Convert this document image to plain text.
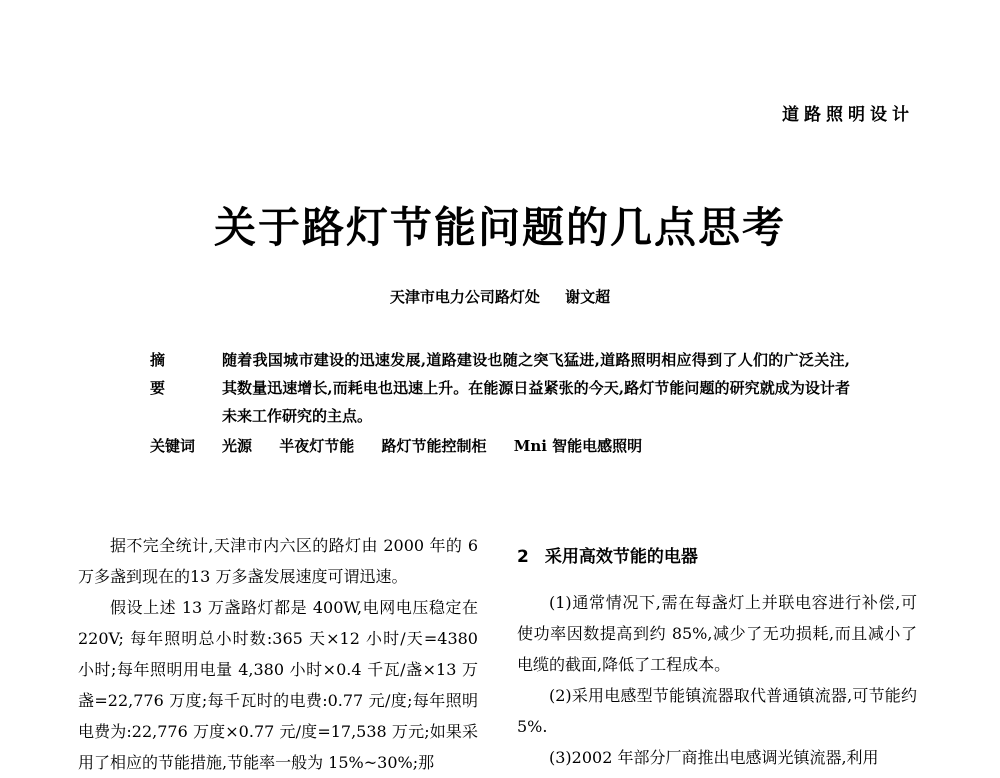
道路照明设计
关于路灯节能问题的几点思考
天津市电力公司路灯处 谢文超
摘 要
随着我国城市建设的迅速发展,道路建设也随之突飞猛进,道路照明相应得到了人们的广泛关注,其数量迅速增长,而耗电也迅速上升。在能源日益紧张的今天,路灯节能问题的研究就成为设计者未来工作研究的主点。
关键词	光源 半夜灯节能 路灯节能控制柜 Mni 智能电感照明

据不完全统计,天津市内六区的路灯由 2000 年的 6 万多盏到现在的13 万多盏发展速度可谓迅速。

假设上述 13 万盏路灯都是 400W,电网电压稳定在 220V; 每年照明总小时数:365 天×12 小时/天=4380 小时;每年照明用电量 4,380 小时×0.4 千瓦/盏×13 万盏=22,776 万度;每千瓦时的电费:0.77 元/度;每年照明电费为:22,776 万度×0.77 元/度=17,538 万元;如果采用了相应的节能措施,节能率一般为 15%~30%;那

2 采用高效节能的电器

(1)通常情况下,需在每盏灯上并联电容进行补偿,可使功率因数提高到约 85%,减少了无功损耗,而且减小了电缆的截面,降低了工程成本。

(2)采用电感型节能镇流器取代普通镇流器,可节能约 5%.

(3)2002 年部分厂商推出电感调光镇流器,利用
